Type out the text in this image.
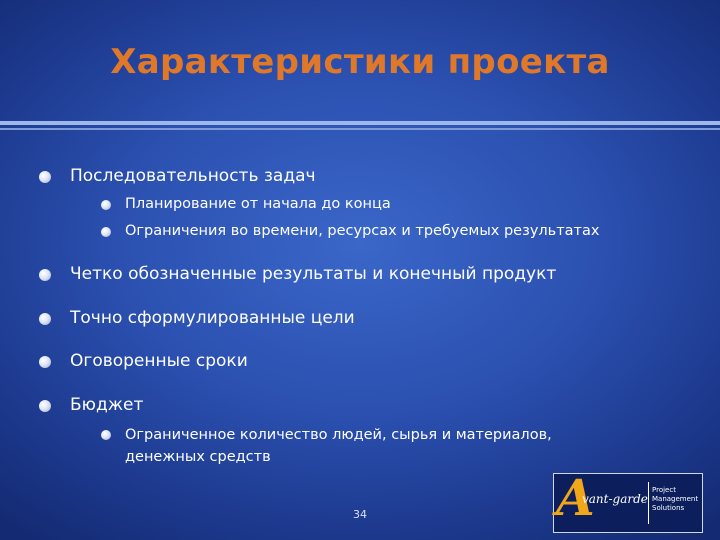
Характеристики проекта
Последовательность задач
Планирование от начала до конца
Ограничения во времени, ресурсах и требуемых результатах
Четко обозначенные результаты и конечный продукт
Точно сформулированные цели
Оговоренные сроки
Бюджет
Ограниченное количество людей, сырья и материалов, денежных средств
34	A
vant-garde
Project
Management
Solutions
